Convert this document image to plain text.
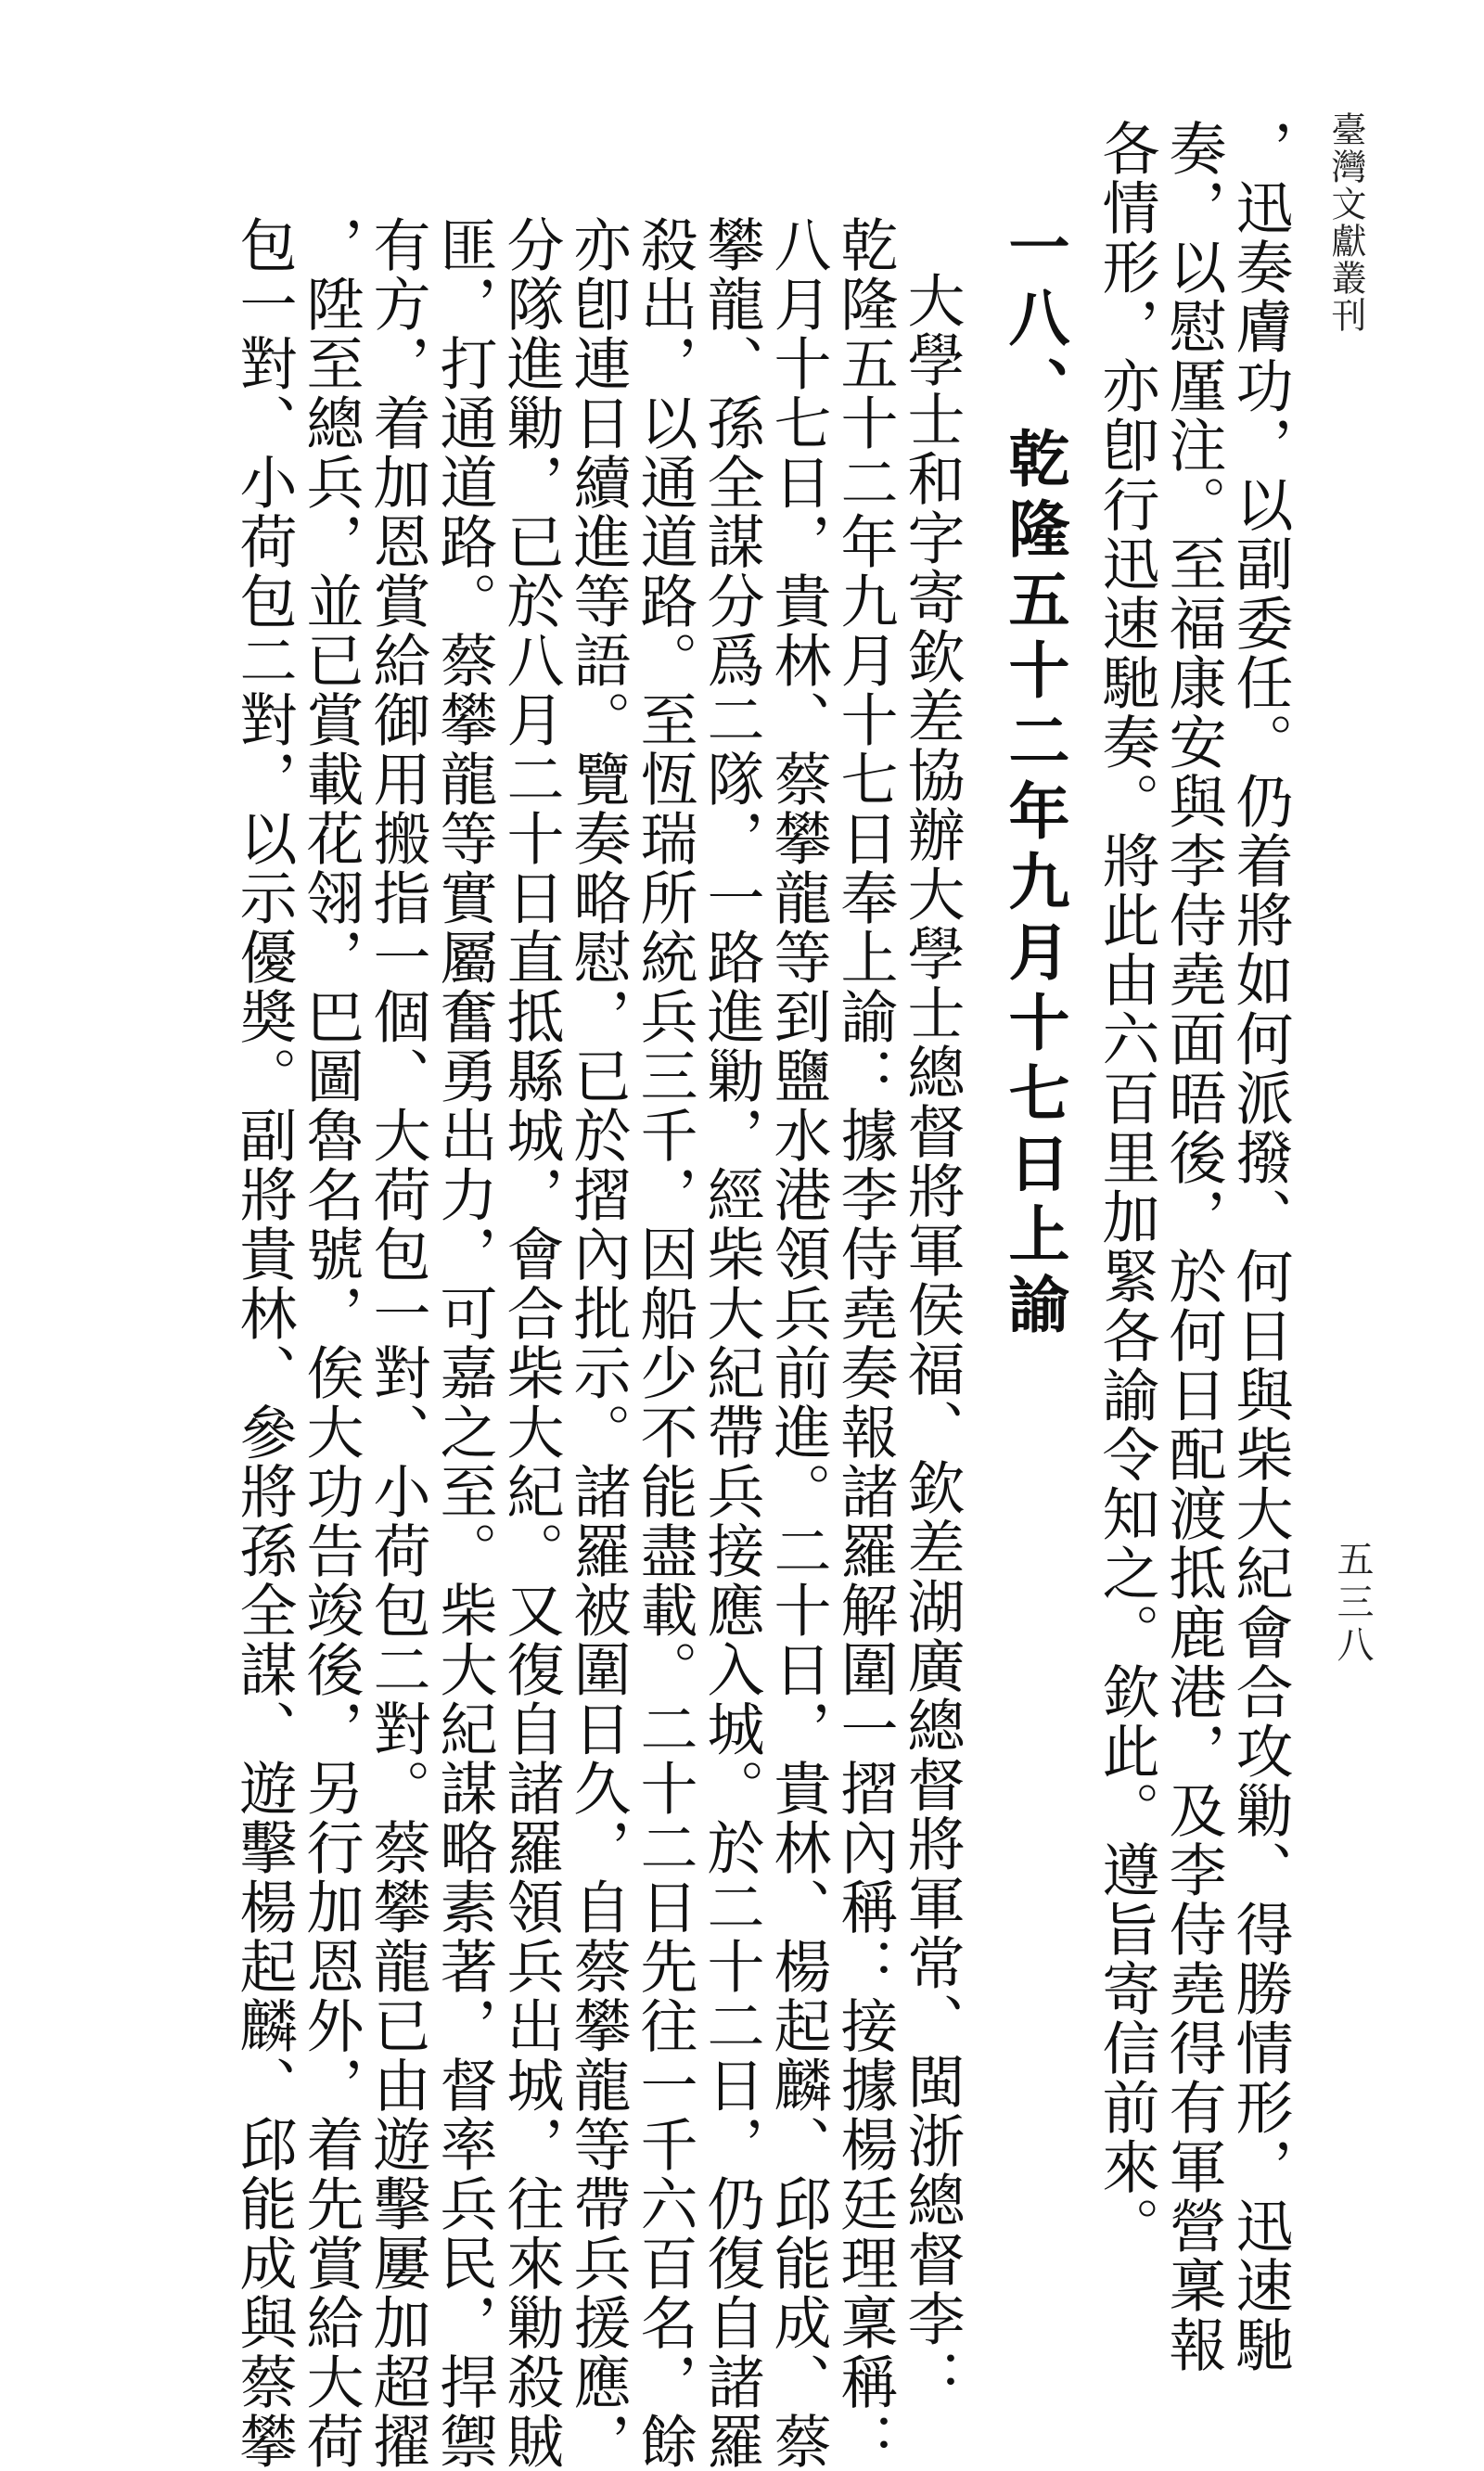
臺灣文獻叢刊
五三八
，迅奏膚功，以副委任。仍着將如何派撥、何日與柴大紀會合攻勦、得勝情形，迅速馳
奏，以慰厪注。至福康安與李侍堯面晤後，於何日配渡抵鹿港，及李侍堯得有軍營稟報
各情形，亦卽行迅速馳奏。將此由六百里加緊各諭令知之。欽此。遵旨寄信前來。
一八、乾隆五十二年九月十七日上諭
大學士和字寄欽差協辦大學士總督將軍侯福、欽差湖廣總督將軍常、閩浙總督李：
乾隆五十二年九月十七日奉上諭：據李侍堯奏報諸羅解圍一摺內稱：接據楊廷理稟稱：
八月十七日，貴林、蔡攀龍等到鹽水港領兵前進。二十日，貴林、楊起麟、邱能成、蔡
攀龍、孫全謀分爲二隊，一路進勦，經柴大紀帶兵接應入城。於二十二日，仍復自諸羅
殺出，以通道路。至恆瑞所統兵三千，因船少不能盡載。二十二日先往一千六百名，餘
亦卽連日續進等語。覽奏略慰，已於摺內批示。諸羅被圍日久，自蔡攀龍等帶兵援應，
分隊進勦，已於八月二十日直抵縣城，會合柴大紀。又復自諸羅領兵出城，往來勦殺賊
匪，打通道路。蔡攀龍等實屬奮勇出力，可嘉之至。柴大紀謀略素著，督率兵民，捍禦
有方，着加恩賞給御用搬指一個、大荷包一對、小荷包二對。蔡攀龍已由遊擊屢加超擢
，陞至總兵，並已賞載花翎，巴圖魯名號，俟大功告竣後，另行加恩外，着先賞給大荷
包一對、小荷包二對，以示優奬。副將貴林、參將孫全謀、遊擊楊起麟、邱能成與蔡攀
